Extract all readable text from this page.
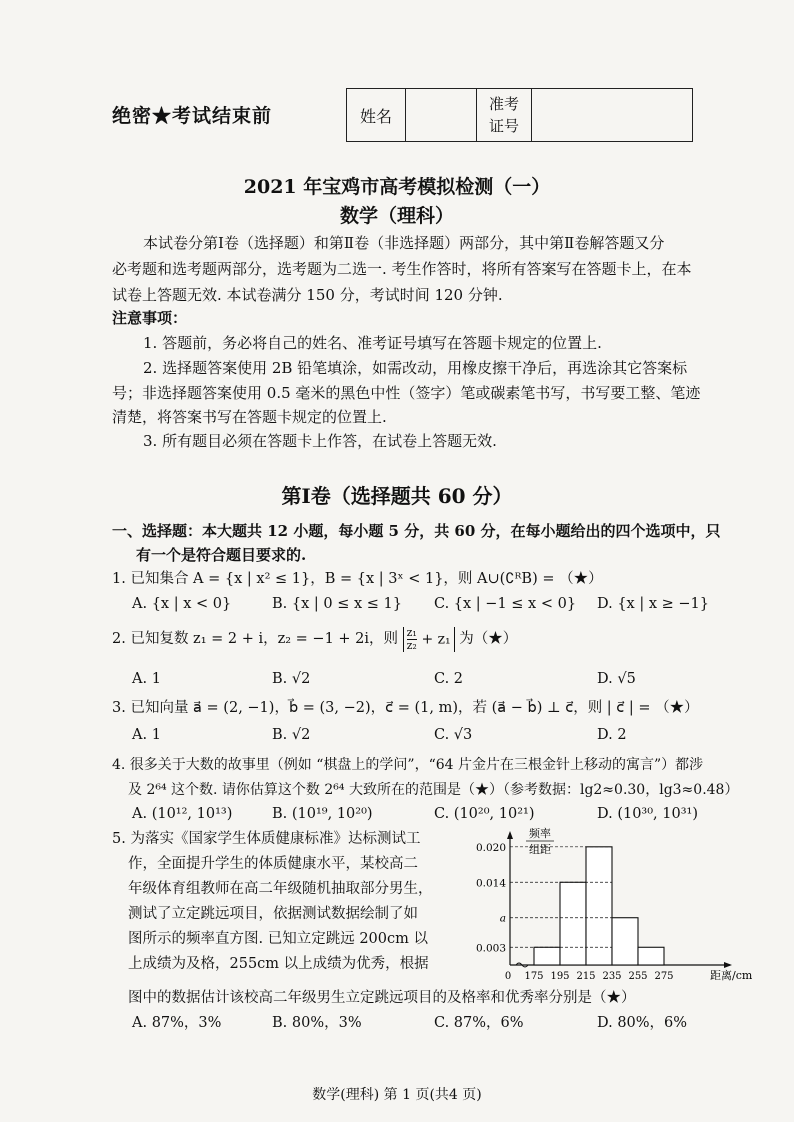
绝密★考试结束前	姓名		准考
证号	
2021 年宝鸡市高考模拟检测（一）
数学（理科）
本试卷分第Ⅰ卷（选择题）和第Ⅱ卷（非选择题）两部分，其中第Ⅱ卷解答题又分
必考题和选考题两部分，选考题为二选一. 考生作答时，将所有答案写在答题卡上，在本
试卷上答题无效. 本试卷满分 150 分，考试时间 120 分钟.
注意事项：
1. 答题前，务必将自己的姓名、准考证号填写在答题卡规定的位置上.
2. 选择题答案使用 2B 铅笔填涂，如需改动，用橡皮擦干净后，再选涂其它答案标
号；非选择题答案使用 0.5 毫米的黑色中性（签字）笔或碳素笔书写，书写要工整、笔迹
清楚，将答案书写在答题卡规定的位置上.
3. 所有题目必须在答题卡上作答，在试卷上答题无效.
第Ⅰ卷（选择题共 60 分）
一、选择题：本大题共 12 小题，每小题 5 分，共 60 分，在每小题给出的四个选项中，只
有一个是符合题目要求的.
1. 已知集合 A = {x | x² ≤ 1}，B = {x | 3ˣ < 1}，则 A∪(∁ᴿB) = （★）
A. {x | x < 0}	B. {x | 0 ≤ x ≤ 1} C. {x | −1 ≤ x < 0} D. {x | x ≥ −1}
2. 已知复数 z₁ = 2 + i，z₂ = −1 + 2i，则 $\frac{\text{z₁}}{\text{z₂}} + z_1$ 为（★）
A. 1	B. √2	C. 2	D. √5
3. 已知向量 a⃗ = (2, −1)，b⃗ = (3, −2)，c⃗ = (1, m)，若 (a⃗ − b⃗) ⊥ c⃗，则 | c⃗ | = （★）
A. 1	B. √2	C. √3	D. 2
4. 很多关于大数的故事里（例如 “棋盘上的学问”，“64 片金片在三根金针上移动的寓言”）都涉
及 2⁶⁴ 这个数. 请你估算这个数 2⁶⁴ 大致所在的范围是（★）（参考数据：lg2≈0.30，lg3≈0.48）
A. (10¹², 10¹³)	B. (10¹⁹, 10²⁰)	C. (10²⁰, 10²¹)	D. (10³⁰, 10³¹)
5. 为落实《国家学生体质健康标准》达标测试工
作，全面提升学生的体质健康水平，某校高二
年级体育组教师在高二年级随机抽取部分男生，
测试了立定跳远项目，依据测试数据绘制了如
图所示的频率直方图. 已知立定跳远 200cm 以
上成绩为及格，255cm 以上成绩为优秀，根据
图中的数据估计该校高二年级男生立定跳远项目的及格率和优秀率分别是（★）
A. 87%，3%	B. 80%，3%	C. 87%，6%	D. 80%，6%
频率
组距
0.020
0.014
a
0.003
0 175 195 215 235 255 275	距离/cm
数学(理科) 第 1 页(共4 页)
